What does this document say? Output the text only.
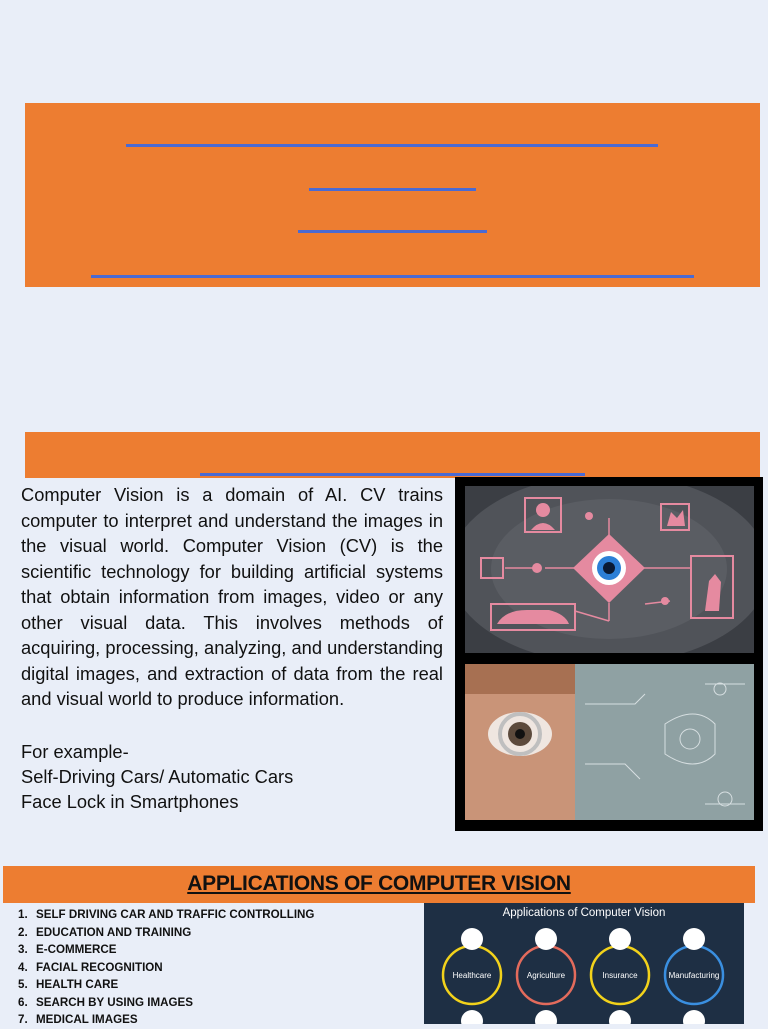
Computer Vision is a domain of AI. CV trains computer to interpret and understand the images in the visual world. Computer Vision (CV) is the scientific technology for building artificial systems that obtain information from images, video or any other visual data. This involves methods of acquiring, processing, analyzing, and understanding digital images, and extraction of data from the real and visual world to produce information.

For example-
Self-Driving Cars/ Automatic Cars
Face Lock in Smartphones
APPLICATIONS OF COMPUTER VISION
1. SELF DRIVING CAR AND TRAFFIC CONTROLLING
2. EDUCATION AND TRAINING
3. E-COMMERCE
4. FACIAL RECOGNITION
5. HEALTH CARE
6. SEARCH BY USING IMAGES
7. MEDICAL IMAGES
Applications of Computer Vision
Healthcare	Agriculture	Insurance	Manufacturing
